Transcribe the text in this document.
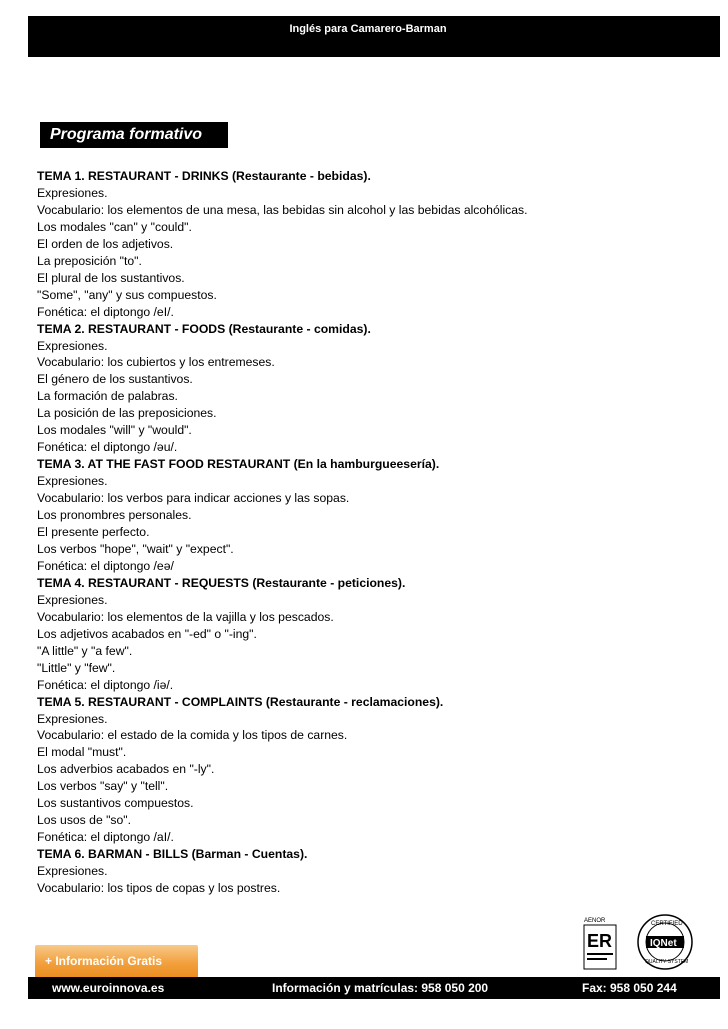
Inglés para Camarero-Barman
Programa formativo
TEMA 1. RESTAURANT - DRINKS (Restaurante - bebidas).
Expresiones.
Vocabulario: los elementos de una mesa, las bebidas sin alcohol y las bebidas alcohólicas.
Los modales "can" y "could".
El orden de los adjetivos.
La preposición "to".
El plural de los sustantivos.
"Some", "any" y sus compuestos.
Fonética: el diptongo /eI/.
TEMA 2. RESTAURANT - FOODS (Restaurante - comidas).
Expresiones.
Vocabulario: los cubiertos y los entremeses.
El género de los sustantivos.
La formación de palabras.
La posición de las preposiciones.
Los modales "will" y "would".
Fonética: el diptongo /əu/.
TEMA 3. AT THE FAST FOOD RESTAURANT (En la hamburgueesería).
Expresiones.
Vocabulario: los verbos para indicar acciones y las sopas.
Los pronombres personales.
El presente perfecto.
Los verbos "hope", "wait" y "expect".
Fonética: el diptongo /eə/
TEMA 4. RESTAURANT - REQUESTS (Restaurante - peticiones).
Expresiones.
Vocabulario: los elementos de la vajilla y los pescados.
Los adjetivos acabados en "-ed" o "-ing".
"A little" y "a few".
"Little" y "few".
Fonética: el diptongo /iə/.
TEMA 5. RESTAURANT - COMPLAINTS (Restaurante - reclamaciones).
Expresiones.
Vocabulario: el estado de la comida y los tipos de carnes.
El modal "must".
Los adverbios acabados en "-ly".
Los verbos "say" y "tell".
Los sustantivos compuestos.
Los usos de "so".
Fonética: el diptongo /aI/.
TEMA 6. BARMAN - BILLS (Barman - Cuentas).
Expresiones.
Vocabulario: los tipos de copas y los postres.
AENOR
ER
CERTIFIED
IQNet
QUALITY SYSTEM
+ Información Gratis
www.euroinnova.es	Información y matrículas: 958 050 200	Fax: 958 050 244
